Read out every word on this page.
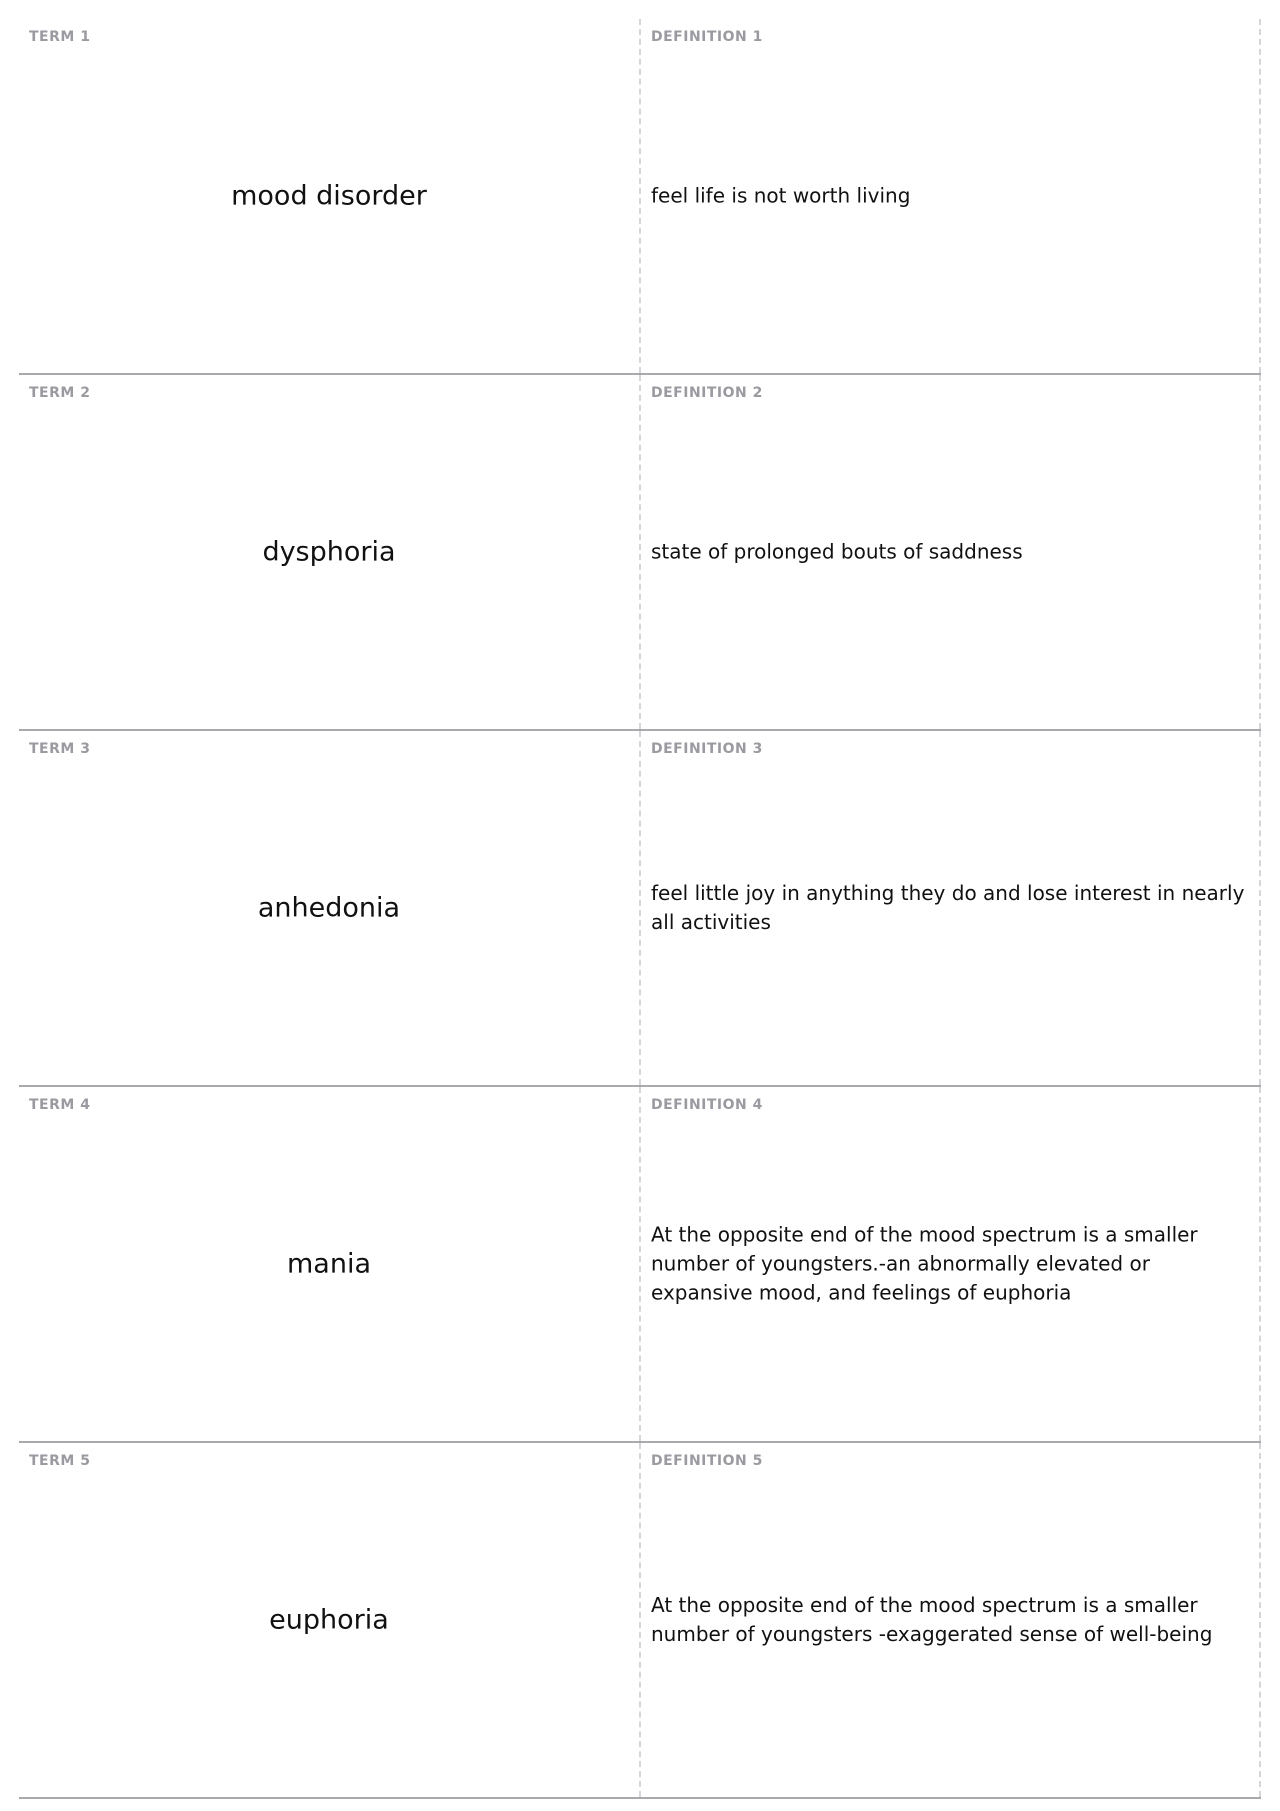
TERM 1
mood disorder
DEFINITION 1
feel life is not worth living
TERM 2
dysphoria
DEFINITION 2
state of prolonged bouts of saddness
TERM 3
anhedonia
DEFINITION 3
feel little joy in anything they do and lose interest in nearly all activities
TERM 4
mania
DEFINITION 4
At the opposite end of the mood spectrum is a smaller number of youngsters.-an abnormally elevated or expansive mood, and feelings of euphoria
TERM 5
euphoria
DEFINITION 5
At the opposite end of the mood spectrum is a smaller number of youngsters -exaggerated sense of well-being
